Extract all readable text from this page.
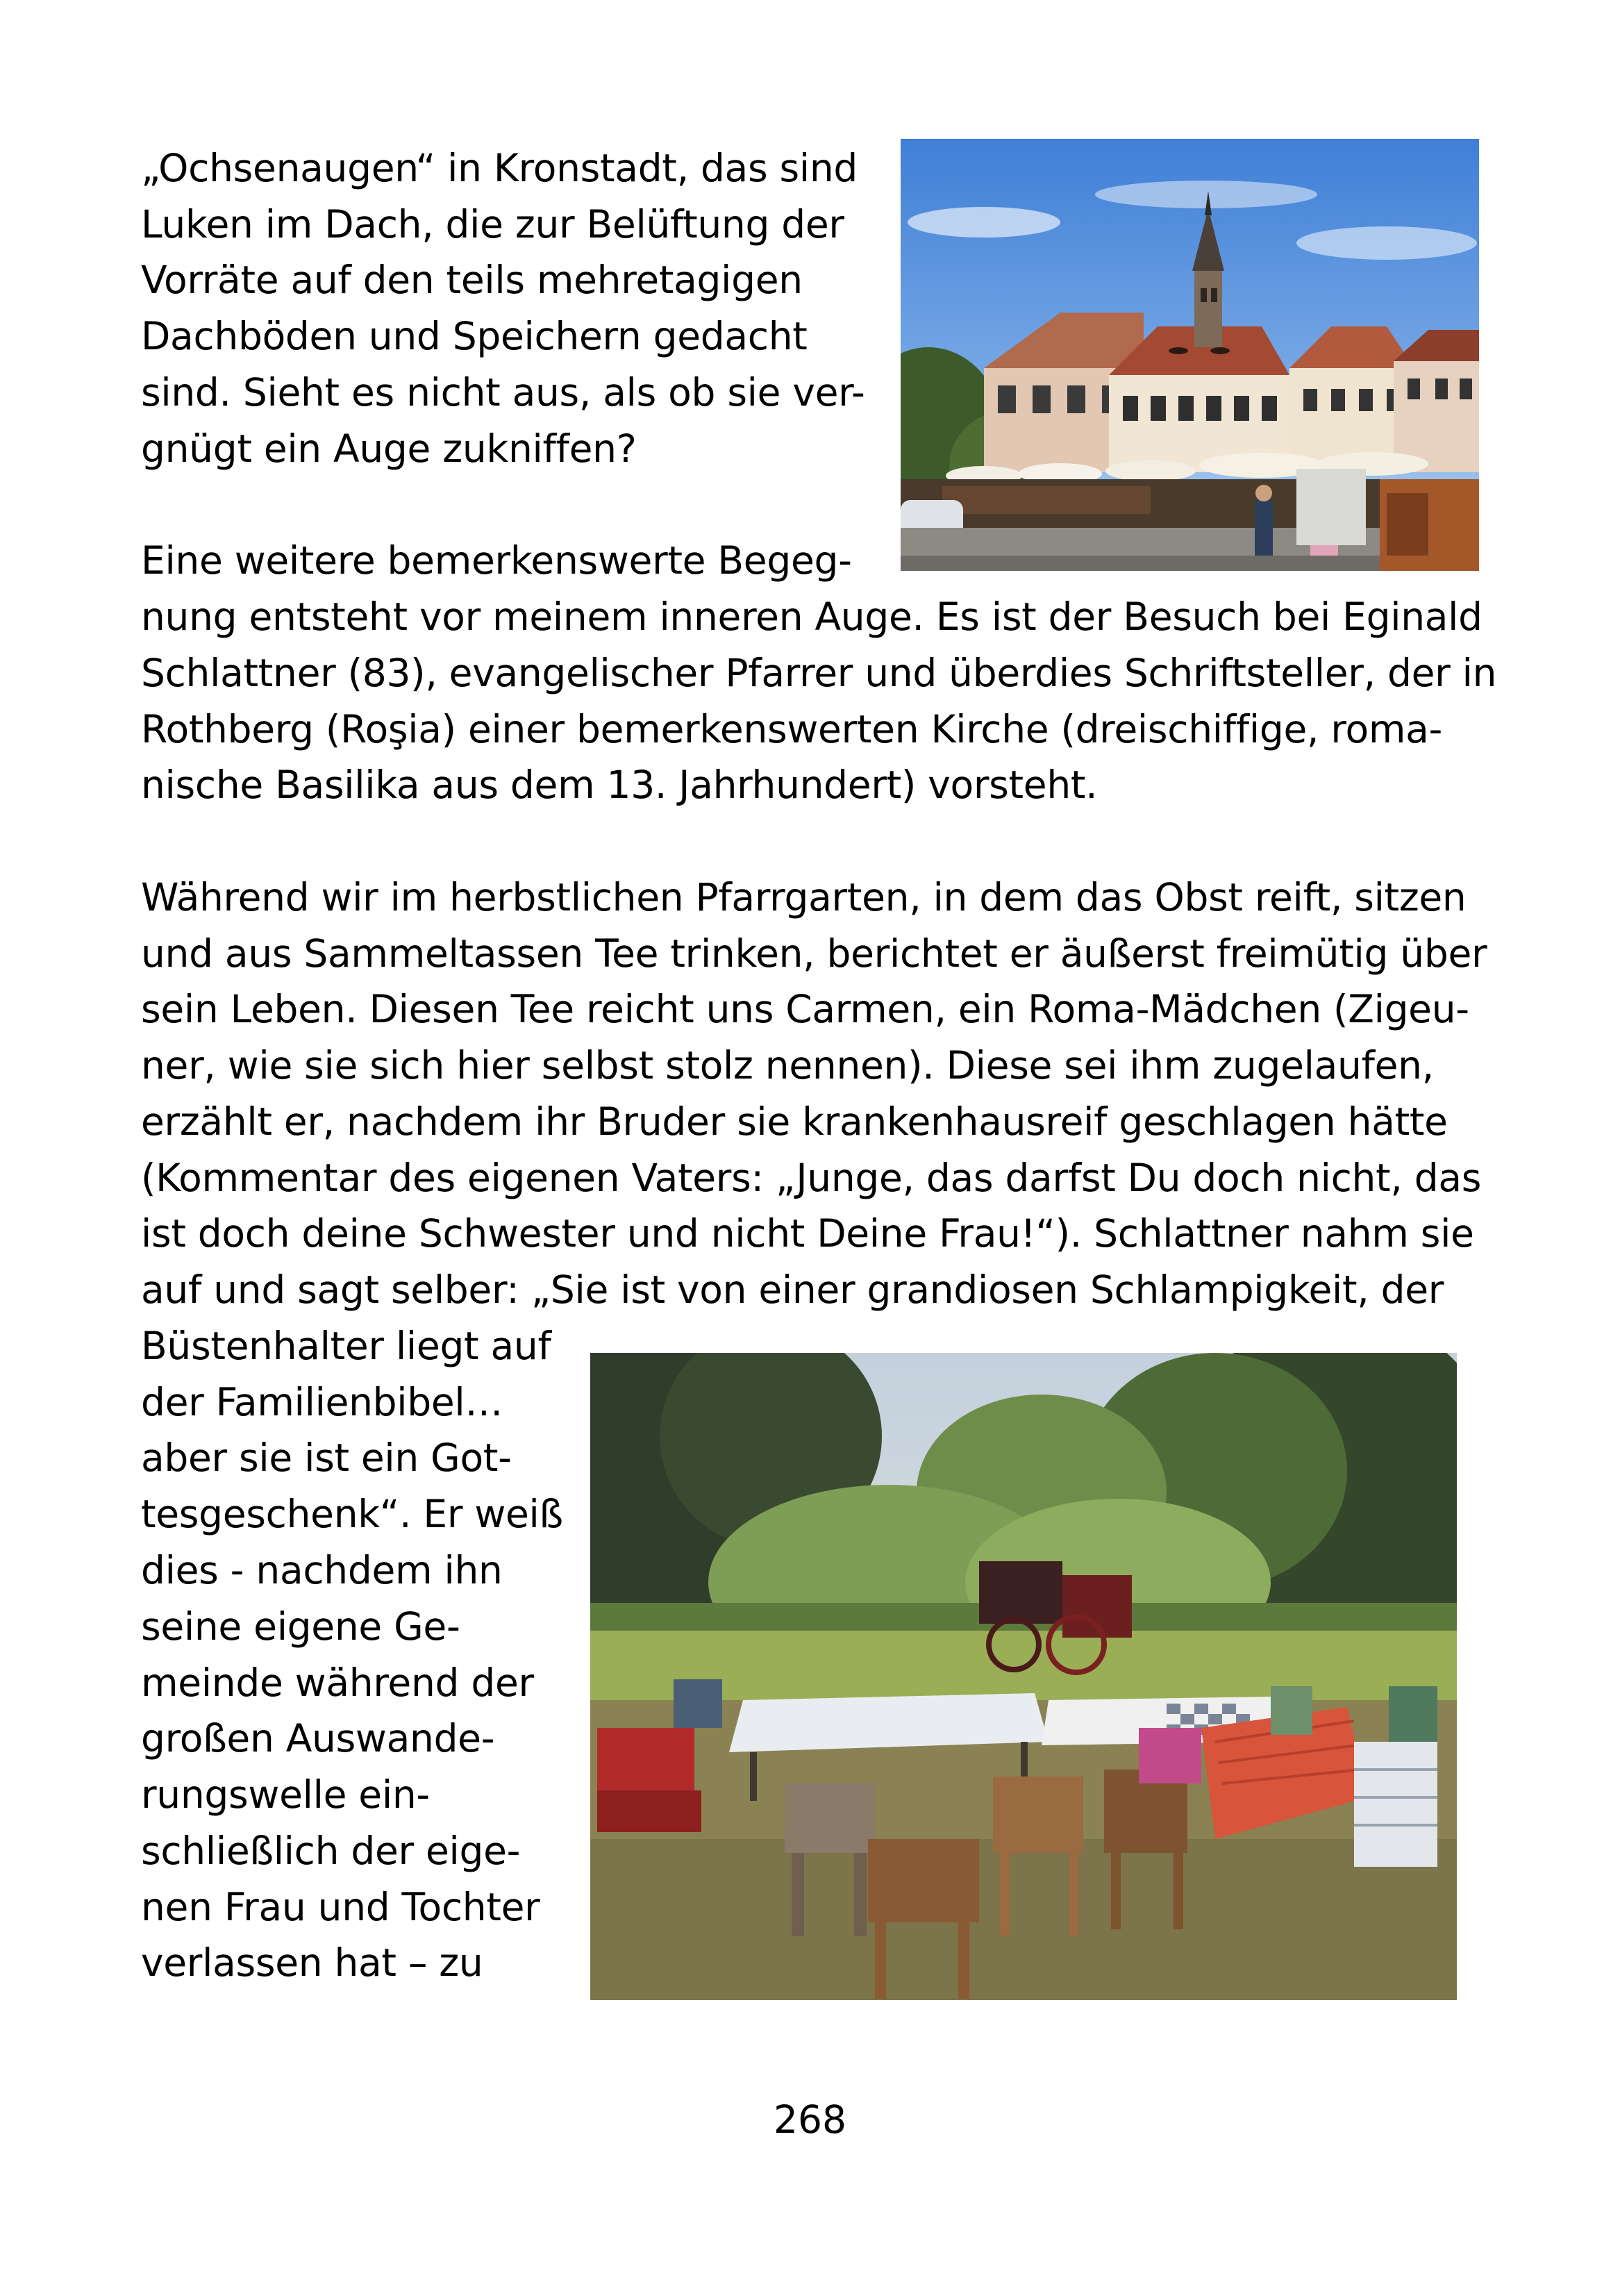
„Ochsenaugen“ in Kronstadt, das sind
Luken im Dach, die zur Belüftung der
Vorräte auf den teils mehretagigen
Dachböden und Speichern gedacht
sind. Sieht es nicht aus, als ob sie ver-
gnügt ein Auge zukniffen?
Eine weitere bemerkenswerte Begeg-
nung entsteht vor meinem inneren Auge. Es ist der Besuch bei Eginald
Schlattner (83), evangelischer Pfarrer und überdies Schriftsteller, der in
Rothberg (Roşia) einer bemerkenswerten Kirche (dreischiffige, roma-
nische Basilika aus dem 13. Jahrhundert) vorsteht.
Während wir im herbstlichen Pfarrgarten, in dem das Obst reift, sitzen
und aus Sammeltassen Tee trinken, berichtet er äußerst freimütig über
sein Leben. Diesen Tee reicht uns Carmen, ein Roma-Mädchen (Zigeu-
ner, wie sie sich hier selbst stolz nennen). Diese sei ihm zugelaufen,
erzählt er, nachdem ihr Bruder sie krankenhausreif geschlagen hätte
(Kommentar des eigenen Vaters: „Junge, das darfst Du doch nicht, das
ist doch deine Schwester und nicht Deine Frau!“). Schlattner nahm sie
auf und sagt selber: „Sie ist von einer grandiosen Schlampigkeit, der
Büstenhalter liegt auf
der Familienbibel…
aber sie ist ein Got-
tesgeschenk“. Er weiß
dies - nachdem ihn
seine eigene Ge-
meinde während der
großen Auswande-
rungswelle ein-
schließlich der eige-
nen Frau und Tochter
verlassen hat – zu
268
